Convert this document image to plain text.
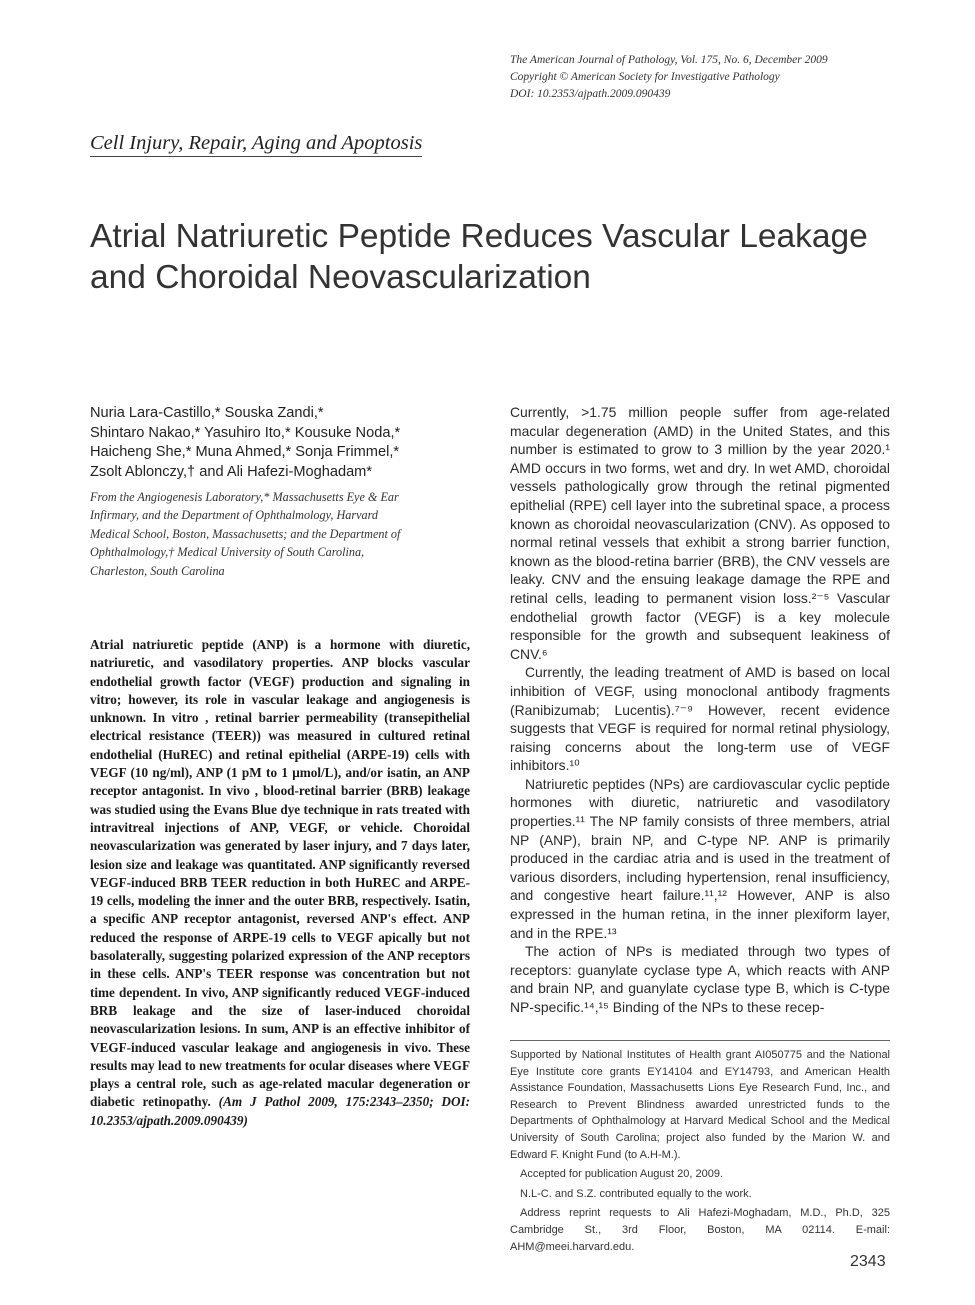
The American Journal of Pathology, Vol. 175, No. 6, December 2009
Copyright © American Society for Investigative Pathology
DOI: 10.2353/ajpath.2009.090439
Cell Injury, Repair, Aging and Apoptosis
Atrial Natriuretic Peptide Reduces Vascular Leakage and Choroidal Neovascularization
Nuria Lara-Castillo,* Souska Zandi,*
Shintaro Nakao,* Yasuhiro Ito,* Kousuke Noda,*
Haicheng She,* Muna Ahmed,* Sonja Frimmel,*
Zsolt Ablonczy,† and Ali Hafezi-Moghadam*
From the Angiogenesis Laboratory,* Massachusetts Eye & Ear
Infirmary, and the Department of Ophthalmology, Harvard
Medical School, Boston, Massachusetts; and the Department of
Ophthalmology,† Medical University of South Carolina,
Charleston, South Carolina

Atrial natriuretic peptide (ANP) is a hormone with diuretic, natriuretic, and vasodilatory properties. ANP blocks vascular endothelial growth factor (VEGF) production and signaling in vitro; however, its role in vascular leakage and angiogenesis is unknown. In vitro , retinal barrier permeability (transepithelial electrical resistance (TEER)) was measured in cultured retinal endothelial (HuREC) and retinal epithelial (ARPE-19) cells with VEGF (10 ng/ml), ANP (1 pM to 1 μmol/L), and/or isatin, an ANP receptor antagonist. In vivo , blood-retinal barrier (BRB) leakage was studied using the Evans Blue dye technique in rats treated with intravitreal injections of ANP, VEGF, or vehicle. Choroidal neovascularization was generated by laser injury, and 7 days later, lesion size and leakage was quantitated. ANP significantly reversed VEGF-induced BRB TEER reduction in both HuREC and ARPE-19 cells, modeling the inner and the outer BRB, respectively. Isatin, a specific ANP receptor antagonist, reversed ANP's effect. ANP reduced the response of ARPE-19 cells to VEGF apically but not basolaterally, suggesting polarized expression of the ANP receptors in these cells. ANP's TEER response was concentration but not time dependent. In vivo, ANP significantly reduced VEGF-induced BRB leakage and the size of laser-induced choroidal neovascularization lesions. In sum, ANP is an effective inhibitor of VEGF-induced vascular leakage and angiogenesis in vivo. These results may lead to new treatments for ocular diseases where VEGF plays a central role, such as age-related macular degeneration or diabetic retinopathy. (Am J Pathol 2009, 175:2343–2350; DOI: 10.2353/ajpath.2009.090439)

Currently, >1.75 million people suffer from age-related macular degeneration (AMD) in the United States, and this number is estimated to grow to 3 million by the year 2020.¹ AMD occurs in two forms, wet and dry. In wet AMD, choroidal vessels pathologically grow through the retinal pigmented epithelial (RPE) cell layer into the subretinal space, a process known as choroidal neovascularization (CNV). As opposed to normal retinal vessels that exhibit a strong barrier function, known as the blood-retina barrier (BRB), the CNV vessels are leaky. CNV and the ensuing leakage damage the RPE and retinal cells, leading to permanent vision loss.²⁻⁵ Vascular endothelial growth factor (VEGF) is a key molecule responsible for the growth and subsequent leakiness of CNV.⁶

Currently, the leading treatment of AMD is based on local inhibition of VEGF, using monoclonal antibody fragments (Ranibizumab; Lucentis).⁷⁻⁹ However, recent evidence suggests that VEGF is required for normal retinal physiology, raising concerns about the long-term use of VEGF inhibitors.¹⁰

Natriuretic peptides (NPs) are cardiovascular cyclic peptide hormones with diuretic, natriuretic and vasodilatory properties.¹¹ The NP family consists of three members, atrial NP (ANP), brain NP, and C-type NP. ANP is primarily produced in the cardiac atria and is used in the treatment of various disorders, including hypertension, renal insufficiency, and congestive heart failure.¹¹,¹² However, ANP is also expressed in the human retina, in the inner plexiform layer, and in the RPE.¹³

The action of NPs is mediated through two types of receptors: guanylate cyclase type A, which reacts with ANP and brain NP, and guanylate cyclase type B, which is C-type NP-specific.¹⁴,¹⁵ Binding of the NPs to these recep-

Supported by National Institutes of Health grant AI050775 and the National Eye Institute core grants EY14104 and EY14793, and American Health Assistance Foundation, Massachusetts Lions Eye Research Fund, Inc., and Research to Prevent Blindness awarded unrestricted funds to the Departments of Ophthalmology at Harvard Medical School and the Medical University of South Carolina; project also funded by the Marion W. and Edward F. Knight Fund (to A.H-M.).

Accepted for publication August 20, 2009.

N.L-C. and S.Z. contributed equally to the work.

Address reprint requests to Ali Hafezi-Moghadam, M.D., Ph.D, 325 Cambridge St., 3rd Floor, Boston, MA 02114. E-mail: AHM@meei.harvard.edu.

2343
